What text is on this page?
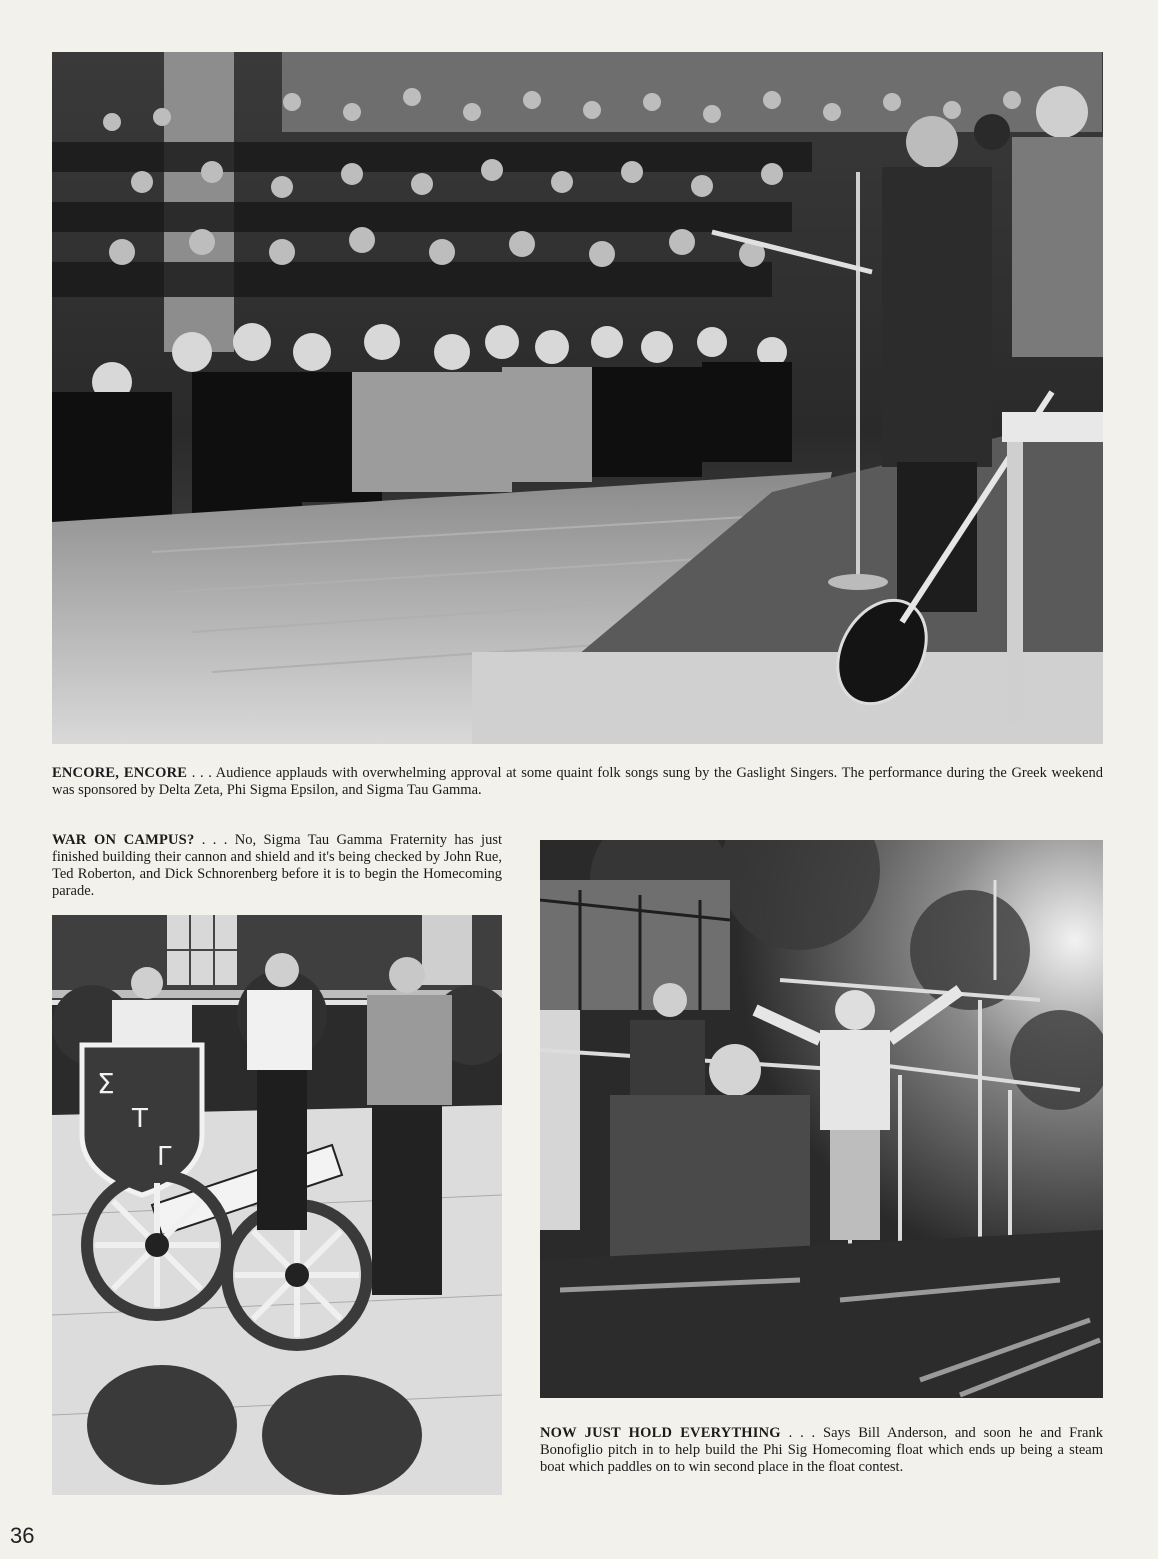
ENCORE, ENCORE . . . Audience applauds with overwhelming approval at some quaint folk songs sung by the Gaslight Singers. The performance during the Greek weekend was sponsored by Delta Zeta, Phi Sigma Epsilon, and Sigma Tau Gamma.
WAR ON CAMPUS? . . . No, Sigma Tau Gamma Fraternity has just finished building their cannon and shield and it's being checked by John Rue, Ted Roberton, and Dick Schnorenberg before it is to begin the Homecoming parade.
Σ
T
Γ
NOW JUST HOLD EVERYTHING . . . Says Bill Anderson, and soon he and Frank Bonofiglio pitch in to help build the Phi Sig Homecoming float which ends up being a steam boat which paddles on to win second place in the float contest.
36
